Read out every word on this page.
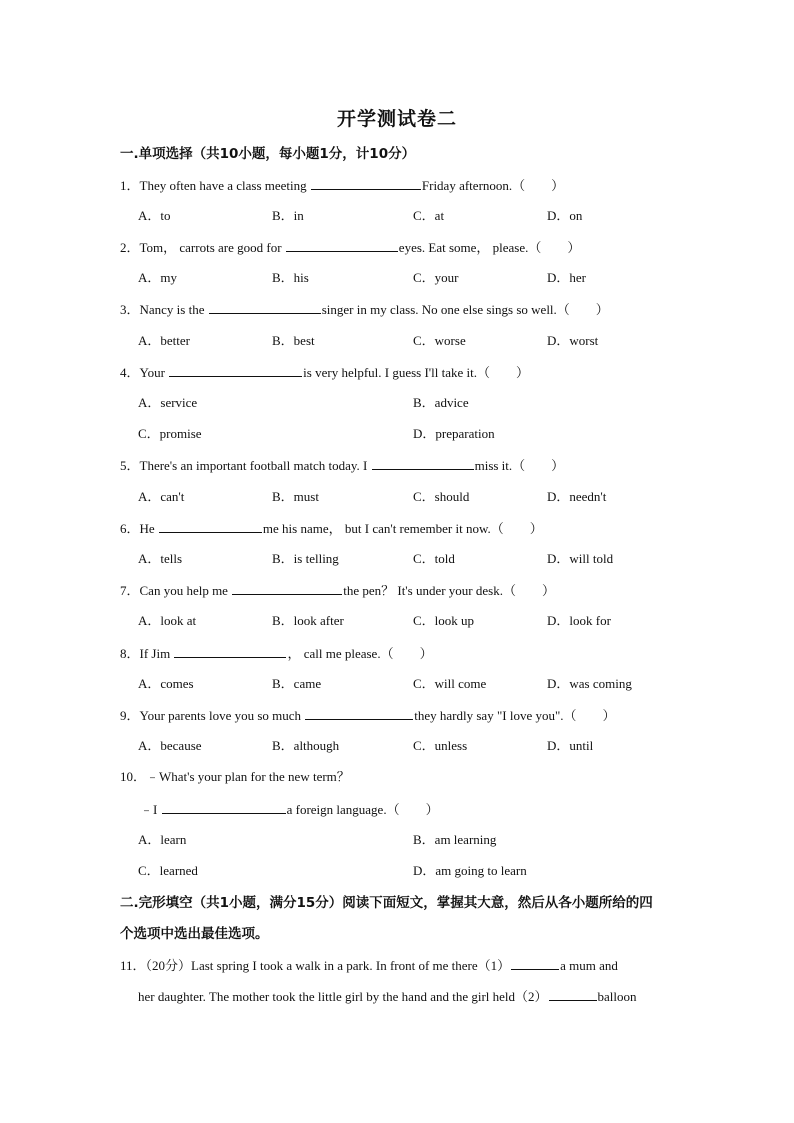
开学测试卷二
一.单项选择（共10小题，每小题1分，计10分）
1．They often have a class meeting	Friday afternoon.（　　）
A．to	B．in	C．at	D．on
2．Tom， carrots are good for	eyes. Eat some， please.（　　）
A．my	B．his	C．your	D．her
3．Nancy is the	singer in my class. No one else sings so well.（　　）
A．better	B．best	C．worse	D．worst
4．Your	is very helpful. I guess I'll take it.（　　）
A．service	B．advice
C．promise	D．preparation
5．There's an important football match today. I	miss it.（　　）
A．can't	B．must	C．should	D．needn't
6．He	me his name， but I can't remember it now.（　　）
A．tells	B．is telling	C．told	D．will told
7．Can you help me	the pen？ It's under your desk.（　　）
A．look at	B．look after	C．look up	D．look for
8．If Jim	， call me please.（　　）
A．comes	B．came	C．will come	D．was coming
9．Your parents love you so much	they hardly say "I love you".（　　）
A．because	B．although	C．unless	D．until
10．﹣What's your plan for the new term？
﹣I	a foreign language.（　　）
A．learn	B．am learning
C．learned	D．am going to learn
二.完形填空（共1小题，满分15分）阅读下面短文，掌握其大意，然后从各小题所给的四
个选项中选出最佳选项。
11．（20分）Last spring I took a walk in a park. In front of me there（1）	a mum and
her daughter. The mother took the little girl by the hand and the girl held（2）	balloon
